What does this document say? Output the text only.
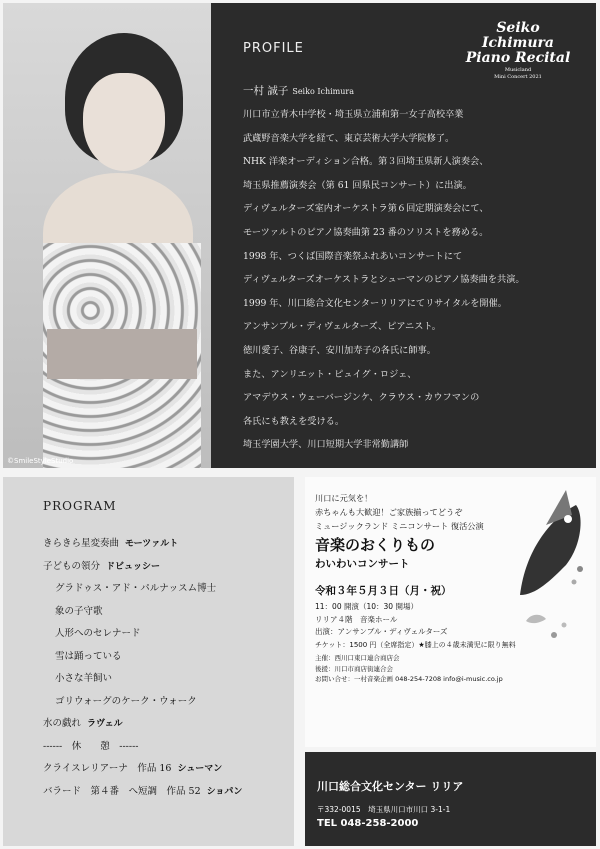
©SmileStyleStudio
PROFILE
Seiko
Ichimura
Piano Recital
Musicland
Mini Concert 2021
一村 誠子 Seiko Ichimura
川口市立青木中学校・埼玉県立浦和第一女子高校卒業
武蔵野音楽大学を経て、東京芸術大学大学院修了。
NHK 洋楽オーディション合格。第３回埼玉県新人演奏会、
埼玉県推薦演奏会（第 61 回県民コンサート）に出演。
ディヴェルターズ室内オーケストラ第６回定期演奏会にて、
モーツァルトのピアノ協奏曲第 23 番のソリストを務める。
1998 年、つくば国際音楽祭ふれあいコンサートにて
ディヴェルターズオーケストラとシューマンのピアノ協奏曲を共演。
1999 年、川口総合文化センターリリアにてリサイタルを開催。
アンサンブル・ディヴェルターズ、ピアニスト。
徳川愛子、谷康子、安川加寿子の各氏に師事。
また、アンリエット・ピュイグ・ロジェ、
アマデウス・ウェーバージンケ、クラウス・カウフマンの
各氏にも教えを受ける。
埼玉学園大学、川口短期大学非常勤講師
PROGRAM
きらきら星変奏曲 モーツァルト
子どもの領分 ドビュッシー
グラドゥス・アド・パルナッスム博士
象の子守歌
人形へのセレナード
雪は踊っている
小さな羊飼い
ゴリウォーグのケーク・ウォーク
水の戯れ ラヴェル
------　休　　憩　------
クライスレリアーナ　作品 16 シューマン
バラード　第４番　へ短調　作品 52 ショパン
川口に元気を！
赤ちゃんも大歓迎！ご家族揃ってどうぞ
ミュージックランド ミニコンサート 復活公演
音楽のおくりもの
わいわいコンサート
令和３年５月３日（月・祝）
11：00 開演（10：30 開場）
リリア４階　音楽ホール
出演：アンサンブル・ディヴェルターズ
チケット：1500 円（全席指定）★膝上の４歳未満児に限り無料
主催：西川口東口連合商店会
後援：川口市商店街連合会
お問い合せ：一村音楽企画 048-254-7208 info@i-music.co.jp
川口総合文化センター リリア
〒332-0015　埼玉県川口市川口 3-1-1
TEL 048-258-2000
